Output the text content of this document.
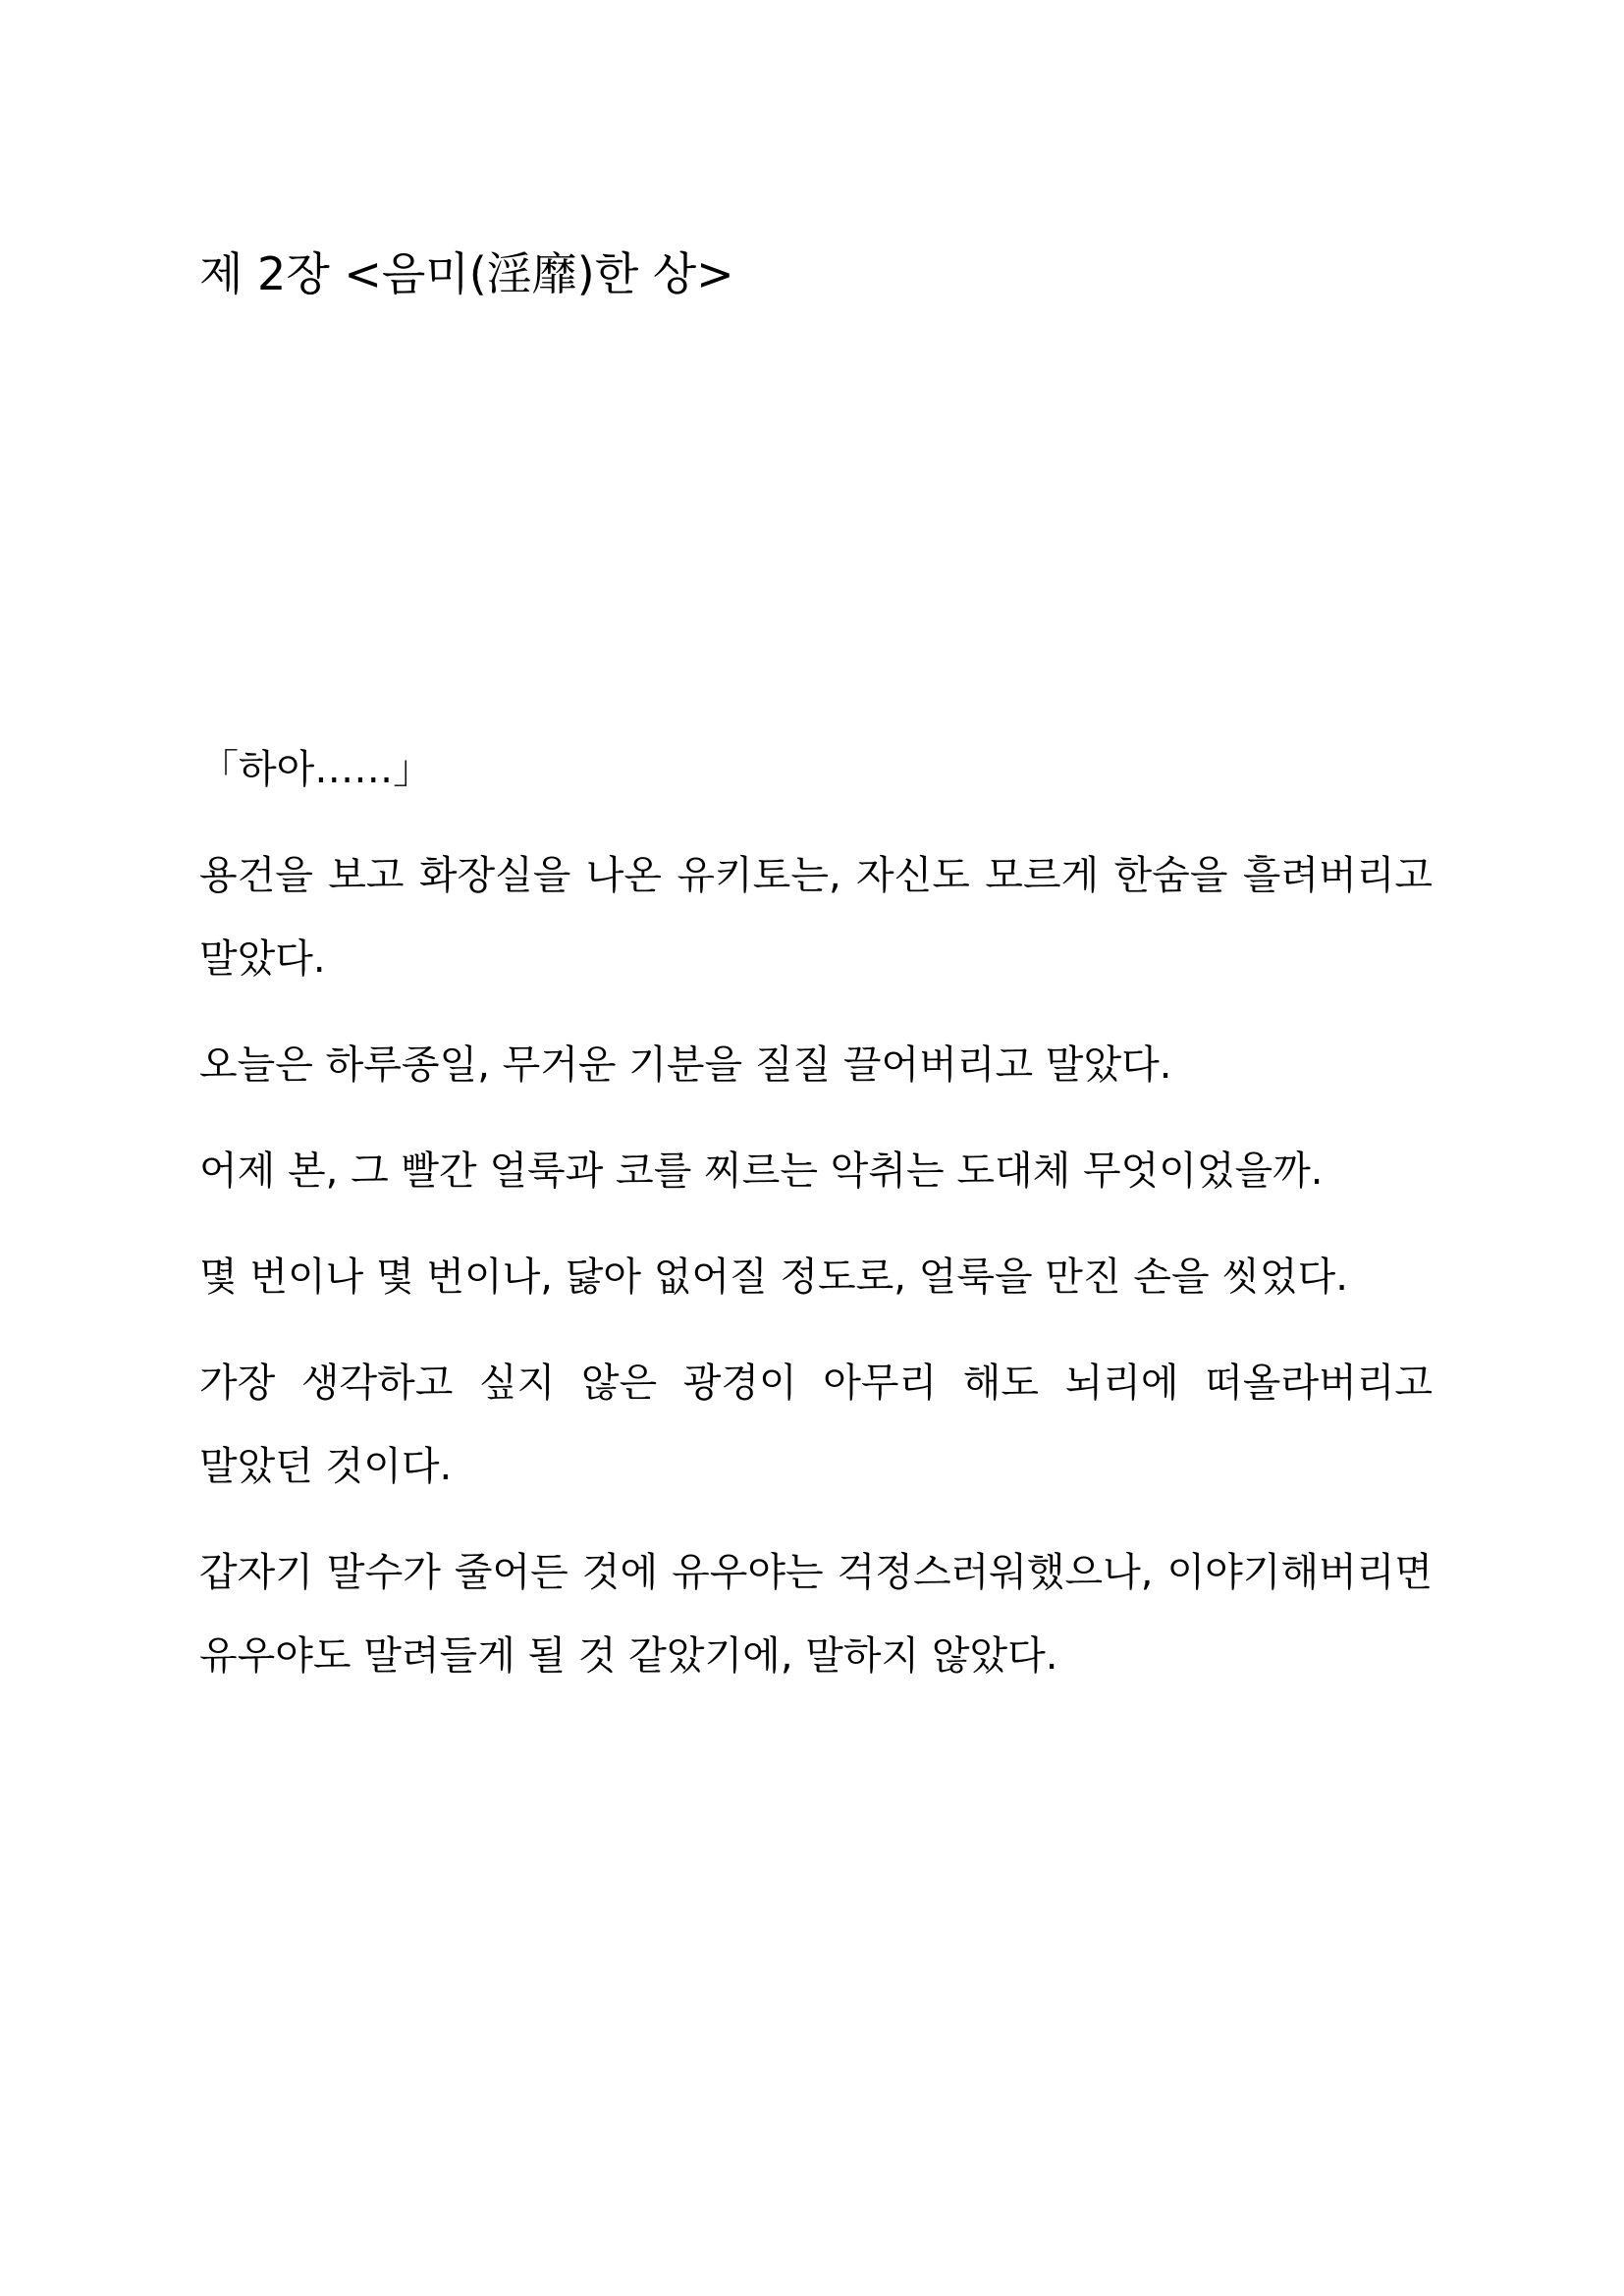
제 2장 <음미(淫靡)한 상>

「하아……」

용건을 보고 화장실을 나온 유키토는, 자신도 모르게 한숨을 흘려버리고 말았다.

오늘은 하루종일, 무거운 기분을 질질 끌어버리고 말았다.

어제 본, 그 빨간 얼룩과 코를 찌르는 악취는 도대체 무엇이었을까.

몇 번이나 몇 번이나, 닳아 없어질 정도로, 얼룩을 만진 손을 씻었다.

가장 생각하고 싶지 않은 광경이 아무리 해도 뇌리에 떠올라버리고 말았던 것이다.

갑자기 말수가 줄어든 것에 유우야는 걱정스러워했으나, 이야기해버리면 유우야도 말려들게 될 것 같았기에, 말하지 않았다.
